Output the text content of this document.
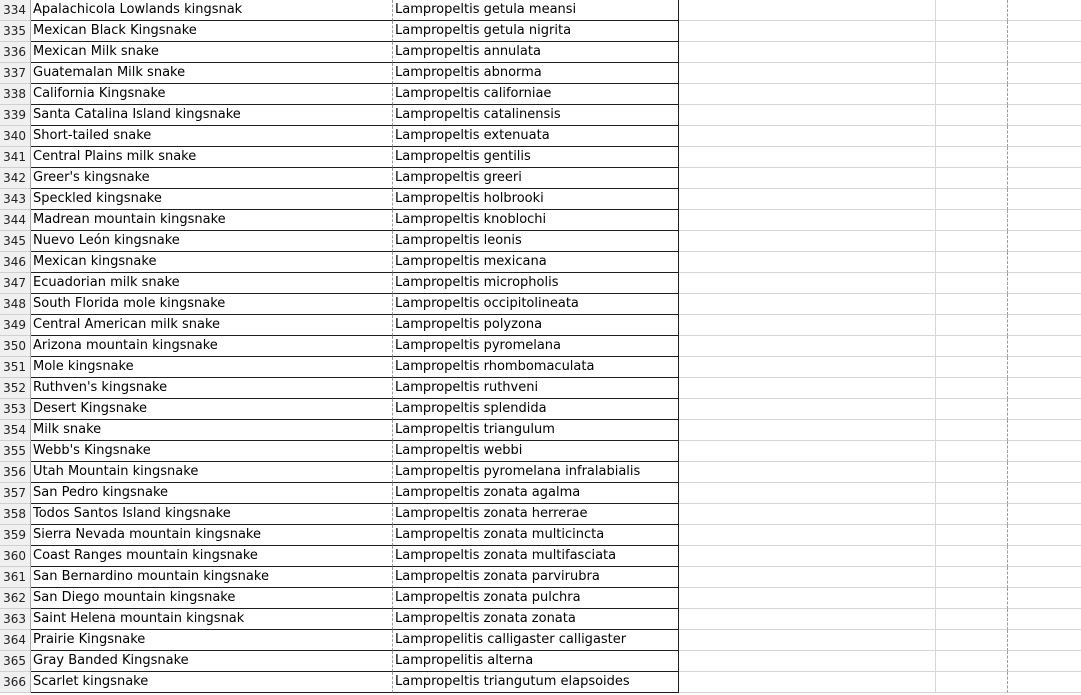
334 Apalachicola Lowlands kingsnak	Lampropeltis getula meansi
335 Mexican Black Kingsnake	Lampropeltis getula nigrita
336 Mexican Milk snake	Lampropeltis annulata
337 Guatemalan Milk snake	Lampropeltis abnorma
338 California Kingsnake	Lampropeltis californiae
339 Santa Catalina Island kingsnake	Lampropeltis catalinensis
340 Short-tailed snake	Lampropeltis extenuata
341 Central Plains milk snake	Lampropeltis gentilis
342 Greer's kingsnake	Lampropeltis greeri
343 Speckled kingsnake	Lampropeltis holbrooki
344 Madrean mountain kingsnake	Lampropeltis knoblochi
345 Nuevo León kingsnake	Lampropeltis leonis
346 Mexican kingsnake	Lampropeltis mexicana
347 Ecuadorian milk snake	Lampropeltis micropholis
348 South Florida mole kingsnake	Lampropeltis occipitolineata
349 Central American milk snake	Lampropeltis polyzona
350 Arizona mountain kingsnake	Lampropeltis pyromelana
351 Mole kingsnake	Lampropeltis rhombomaculata
352 Ruthven's kingsnake	Lampropeltis ruthveni
353 Desert Kingsnake	Lampropeltis splendida
354 Milk snake	Lampropeltis triangulum
355 Webb's Kingsnake	Lampropeltis webbi
356 Utah Mountain kingsnake	Lampropeltis pyromelana infralabialis
357 San Pedro kingsnake	Lampropeltis zonata agalma
358 Todos Santos Island kingsnake	Lampropeltis zonata herrerae
359 Sierra Nevada mountain kingsnake	Lampropeltis zonata multicincta
360 Coast Ranges mountain kingsnake	Lampropeltis zonata multifasciata
361 San Bernardino mountain kingsnake	Lampropeltis zonata parvirubra
362 San Diego mountain kingsnake	Lampropeltis zonata pulchra
363 Saint Helena mountain kingsnak	Lampropeltis zonata zonata
364 Prairie Kingsnake	Lampropelitis calligaster calligaster
365 Gray Banded Kingsnake	Lampropelitis alterna
366 Scarlet kingsnake	Lampropeltis triangutum elapsoides
